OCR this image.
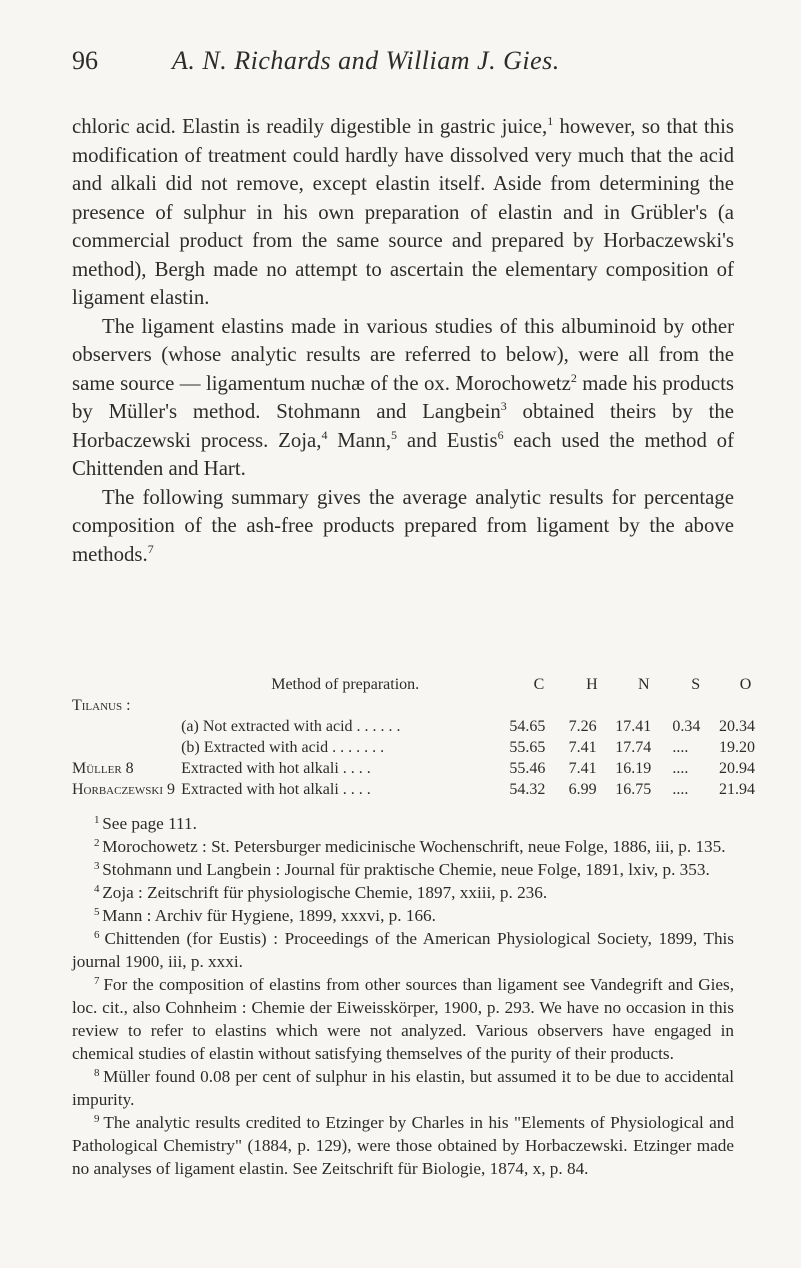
96	A. N. Richards and William J. Gies.

chloric acid. Elastin is readily digestible in gastric juice,$^1$ however, so that this modification of treatment could hardly have dissolved very much that the acid and alkali did not remove, except elastin itself. Aside from determining the presence of sulphur in his own preparation of elastin and in Grübler's (a commercial product from the same source and prepared by Horbaczewski's method), Bergh made no attempt to ascertain the elementary composition of ligament elastin.

The ligament elastins made in various studies of this albuminoid by other observers (whose analytic results are referred to below), were all from the same source — ligamentum nuchæ of the ox. Morochowetz$^2$ made his products by Müller's method. Stohmann and Langbein$^3$ obtained theirs by the Horbaczewski process. Zoja,$^4$ Mann,$^5$ and Eustis$^6$ each used the method of Chittenden and Hart.

The following summary gives the average analytic results for percentage composition of the ash-free products prepared from ligament by the above methods.$^7$

	Method of preparation.	C	H	N	S	O
Tilanus :						
	(a) Not extracted with acid . . . . . .	54.65	7.26	17.41	0.34	20.34
	(b) Extracted with acid . . . . . . .	55.65	7.41	17.74	....	19.20
Müller 8	Extracted with hot alkali . . . .	55.46	7.41	16.19	....	20.94
Horbaczewski 9	Extracted with hot alkali . . . .	54.32	6.99	16.75	....	21.94

$^1$ See page 111.

$^2$ Morochowetz : St. Petersburger medicinische Wochenschrift, neue Folge, 1886, iii, p. 135.

$^3$ Stohmann und Langbein : Journal für praktische Chemie, neue Folge, 1891, lxiv, p. 353.

$^4$ Zoja : Zeitschrift für physiologische Chemie, 1897, xxiii, p. 236.

$^5$ Mann : Archiv für Hygiene, 1899, xxxvi, p. 166.

$^6$ Chittenden (for Eustis) : Proceedings of the American Physiological Society, 1899, This journal 1900, iii, p. xxxi.

$^7$ For the composition of elastins from other sources than ligament see Vandegrift and Gies, loc. cit., also Cohnheim : Chemie der Eiweisskörper, 1900, p. 293. We have no occasion in this review to refer to elastins which were not analyzed. Various observers have engaged in chemical studies of elastin without satisfying themselves of the purity of their products.

$^8$ Müller found 0.08 per cent of sulphur in his elastin, but assumed it to be due to accidental impurity.

$^9$ The analytic results credited to Etzinger by Charles in his "Elements of Physiological and Pathological Chemistry" (1884, p. 129), were those obtained by Horbaczewski. Etzinger made no analyses of ligament elastin. See Zeitschrift für Biologie, 1874, x, p. 84.
